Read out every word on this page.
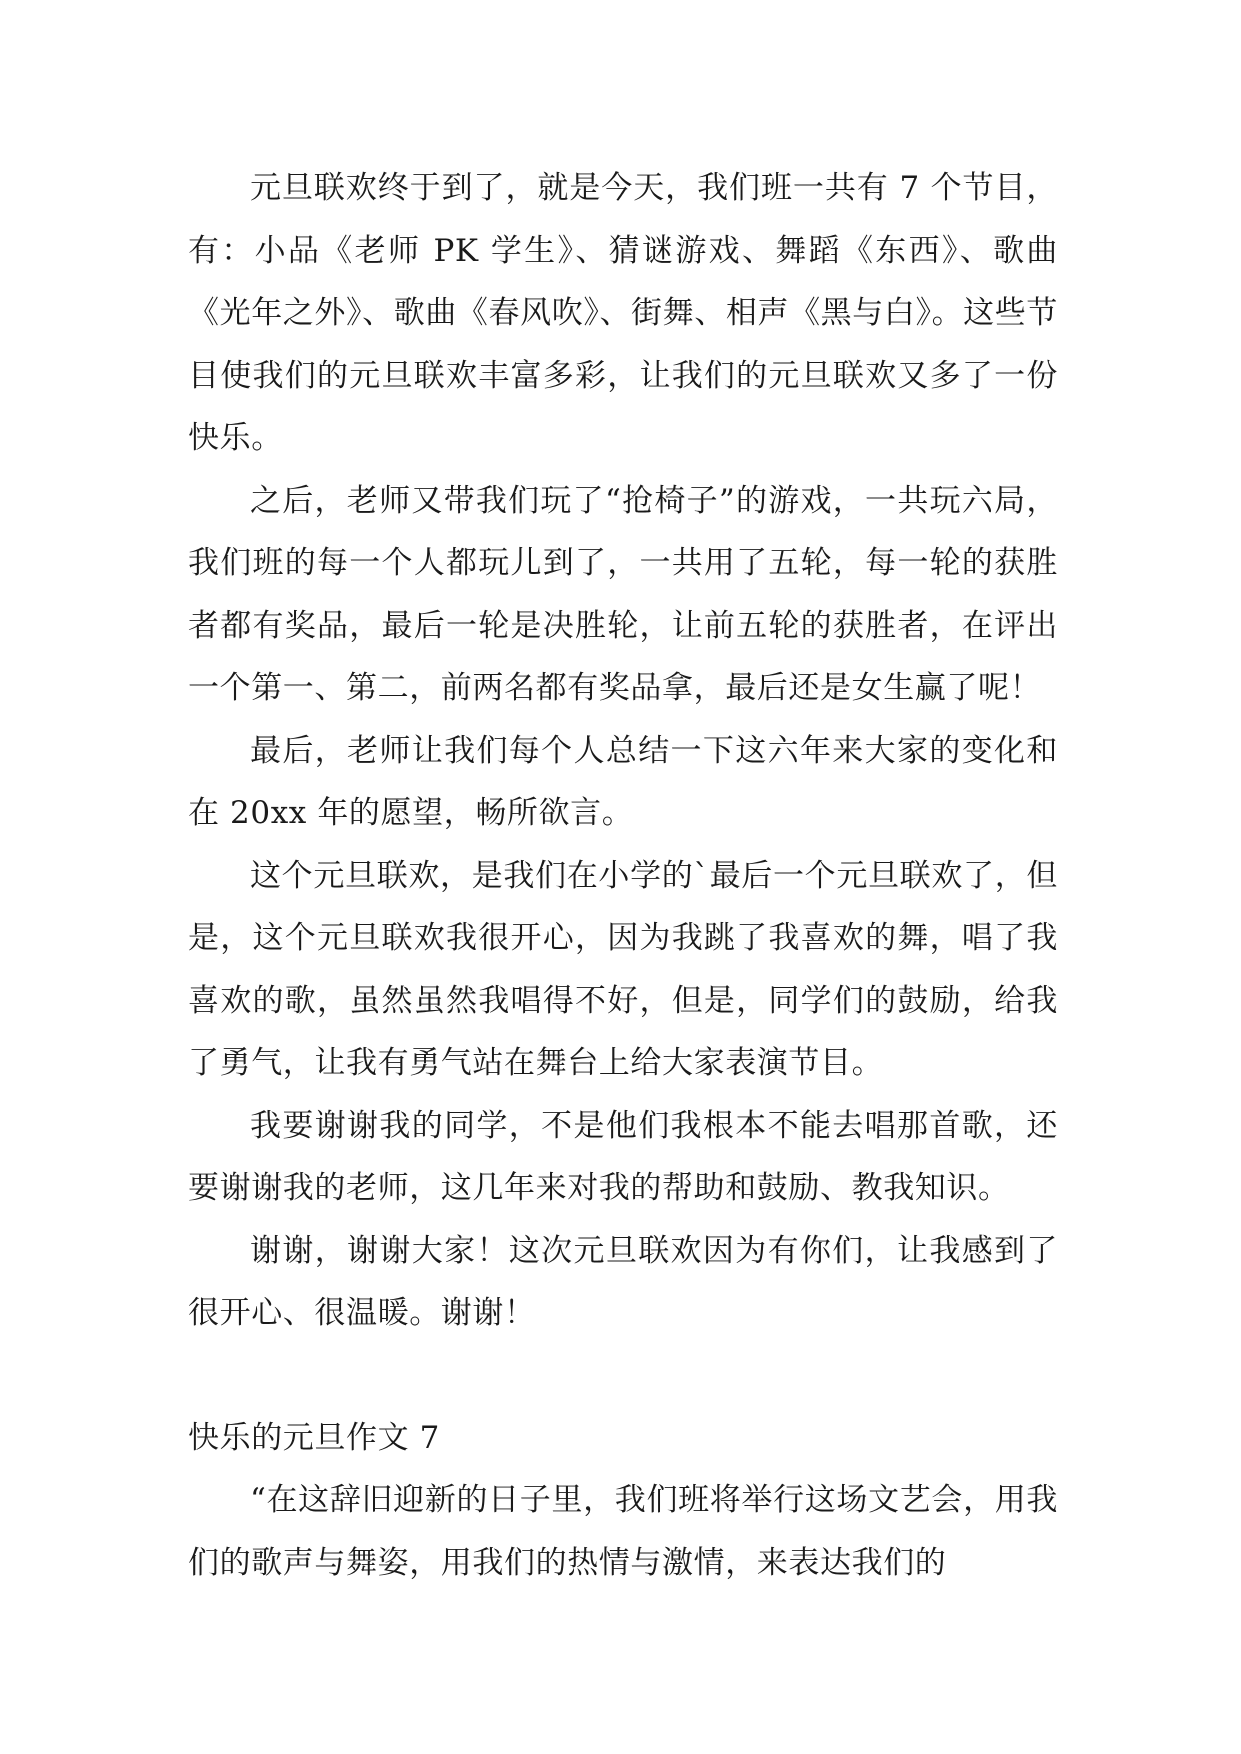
元旦联欢终于到了，就是今天，我们班一共有 7 个节目，有：小品《老师 PK 学生》、猜谜游戏、舞蹈《东西》、歌曲《光年之外》、歌曲《春风吹》、街舞、相声《黑与白》。这些节目使我们的元旦联欢丰富多彩，让我们的元旦联欢又多了一份快乐。

之后，老师又带我们玩了“抢椅子”的游戏，一共玩六局，我们班的每一个人都玩儿到了，一共用了五轮，每一轮的获胜者都有奖品，最后一轮是决胜轮，让前五轮的获胜者，在评出一个第一、第二，前两名都有奖品拿，最后还是女生赢了呢！

最后，老师让我们每个人总结一下这六年来大家的变化和在 20xx 年的愿望，畅所欲言。

这个元旦联欢，是我们在小学的`最后一个元旦联欢了，但是，这个元旦联欢我很开心，因为我跳了我喜欢的舞，唱了我喜欢的歌，虽然虽然我唱得不好，但是，同学们的鼓励，给我了勇气，让我有勇气站在舞台上给大家表演节目。

我要谢谢我的同学，不是他们我根本不能去唱那首歌，还要谢谢我的老师，这几年来对我的帮助和鼓励、教我知识。

谢谢，谢谢大家！这次元旦联欢因为有你们，让我感到了很开心、很温暖。谢谢！

快乐的元旦作文 7

“在这辞旧迎新的日子里，我们班将举行这场文艺会，用我们的歌声与舞姿，用我们的热情与激情，来表达我们的
